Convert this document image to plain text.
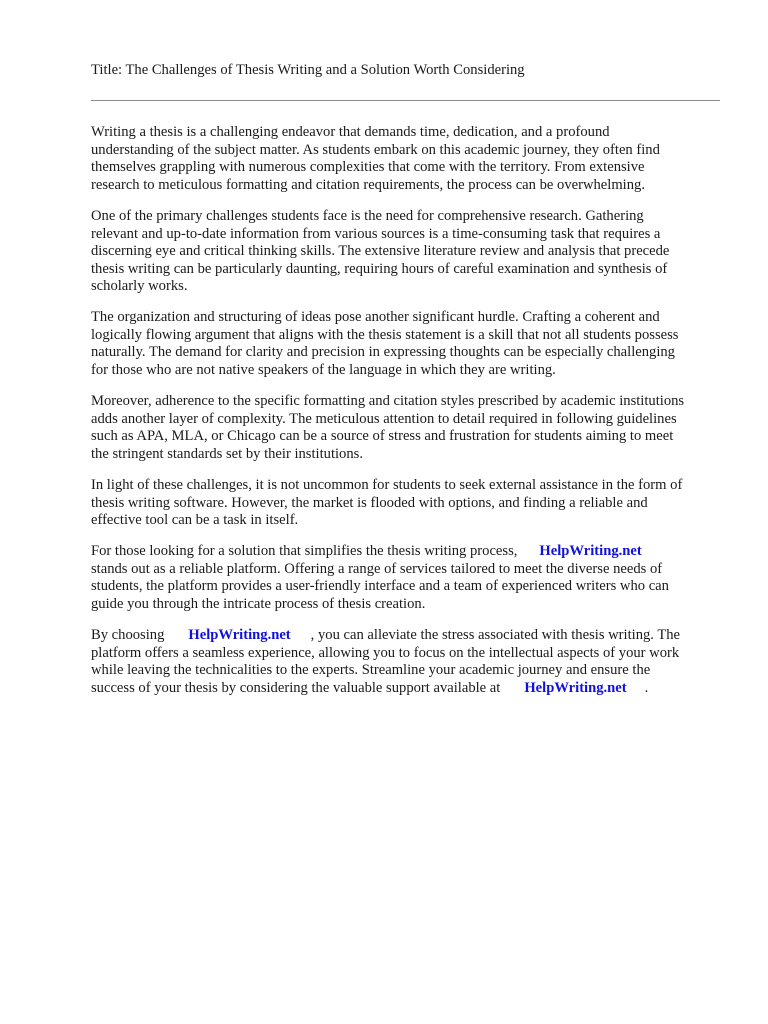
Title: The Challenges of Thesis Writing and a Solution Worth Considering

Writing a thesis is a challenging endeavor that demands time, dedication, and a profound
understanding of the subject matter. As students embark on this academic journey, they often find
themselves grappling with numerous complexities that come with the territory. From extensive
research to meticulous formatting and citation requirements, the process can be overwhelming.

One of the primary challenges students face is the need for comprehensive research. Gathering
relevant and up-to-date information from various sources is a time-consuming task that requires a
discerning eye and critical thinking skills. The extensive literature review and analysis that precede
thesis writing can be particularly daunting, requiring hours of careful examination and synthesis of
scholarly works.

The organization and structuring of ideas pose another significant hurdle. Crafting a coherent and
logically flowing argument that aligns with the thesis statement is a skill that not all students possess
naturally. The demand for clarity and precision in expressing thoughts can be especially challenging
for those who are not native speakers of the language in which they are writing.

Moreover, adherence to the specific formatting and citation styles prescribed by academic institutions
adds another layer of complexity. The meticulous attention to detail required in following guidelines
such as APA, MLA, or Chicago can be a source of stress and frustration for students aiming to meet
the stringent standards set by their institutions.

In light of these challenges, it is not uncommon for students to seek external assistance in the form of
thesis writing software. However, the market is flooded with options, and finding a reliable and
effective tool can be a task in itself.

For those looking for a solution that simplifies the thesis writing process, HelpWriting.net
stands out as a reliable platform. Offering a range of services tailored to meet the diverse needs of
students, the platform provides a user-friendly interface and a team of experienced writers who can
guide you through the intricate process of thesis creation.

By choosing HelpWriting.net , you can alleviate the stress associated with thesis writing. The
platform offers a seamless experience, allowing you to focus on the intellectual aspects of your work
while leaving the technicalities to the experts. Streamline your academic journey and ensure the
success of your thesis by considering the valuable support available at HelpWriting.net .
